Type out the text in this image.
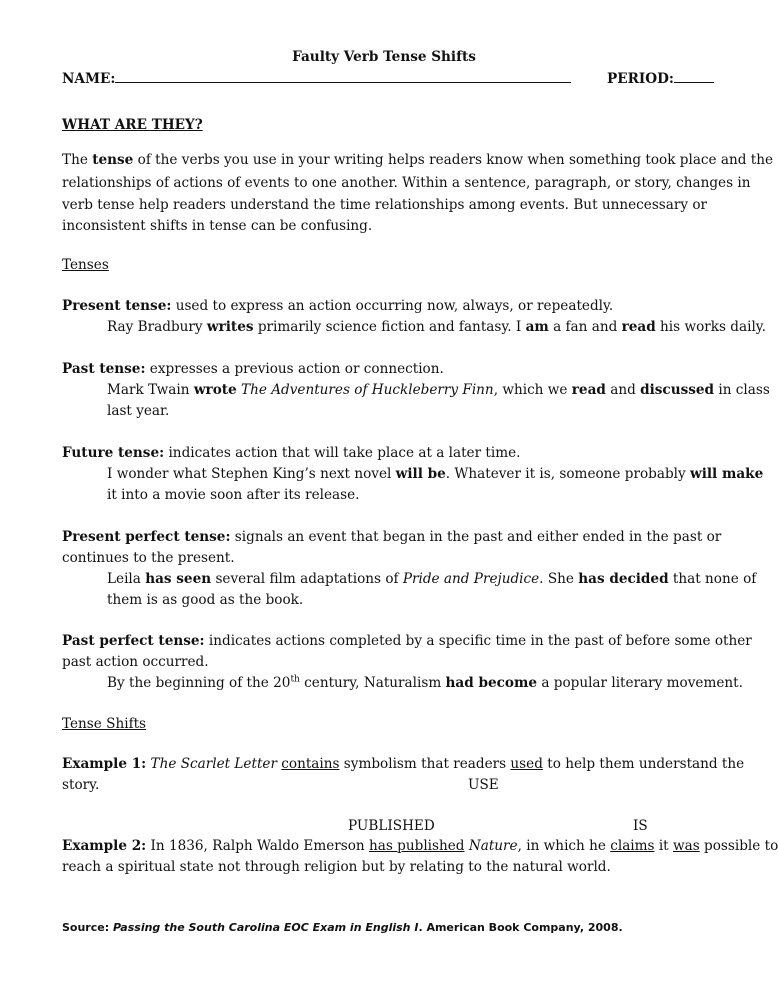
Faulty Verb Tense Shifts
NAME:	PERIOD:
WHAT ARE THEY?
The tense of the verbs you use in your writing helps readers know when something took place and the
relationships of actions of events to one another. Within a sentence, paragraph, or story, changes in
verb tense help readers understand the time relationships among events. But unnecessary or
inconsistent shifts in tense can be confusing.
Tenses
Present tense: used to express an action occurring now, always, or repeatedly.
Ray Bradbury writes primarily science fiction and fantasy. I am a fan and read his works daily.
Past tense: expresses a previous action or connection.
Mark Twain wrote The Adventures of Huckleberry Finn, which we read and discussed in class
last year.
Future tense: indicates action that will take place at a later time.
I wonder what Stephen King’s next novel will be. Whatever it is, someone probably will make
it into a movie soon after its release.
Present perfect tense: signals an event that began in the past and either ended in the past or
continues to the present.
Leila has seen several film adaptations of Pride and Prejudice. She has decided that none of
them is as good as the book.
Past perfect tense: indicates actions completed by a specific time in the past of before some other
past action occurred.
By the beginning of the 20th century, Naturalism had become a popular literary movement.
Tense Shifts
Example 1: The Scarlet Letter contains symbolism that readers used to help them understand the
story.	USE
PUBLISHED	IS
Example 2: In 1836, Ralph Waldo Emerson has published Nature, in which he claims it was possible to
reach a spiritual state not through religion but by relating to the natural world.
Source: Passing the South Carolina EOC Exam in English I. American Book Company, 2008.
